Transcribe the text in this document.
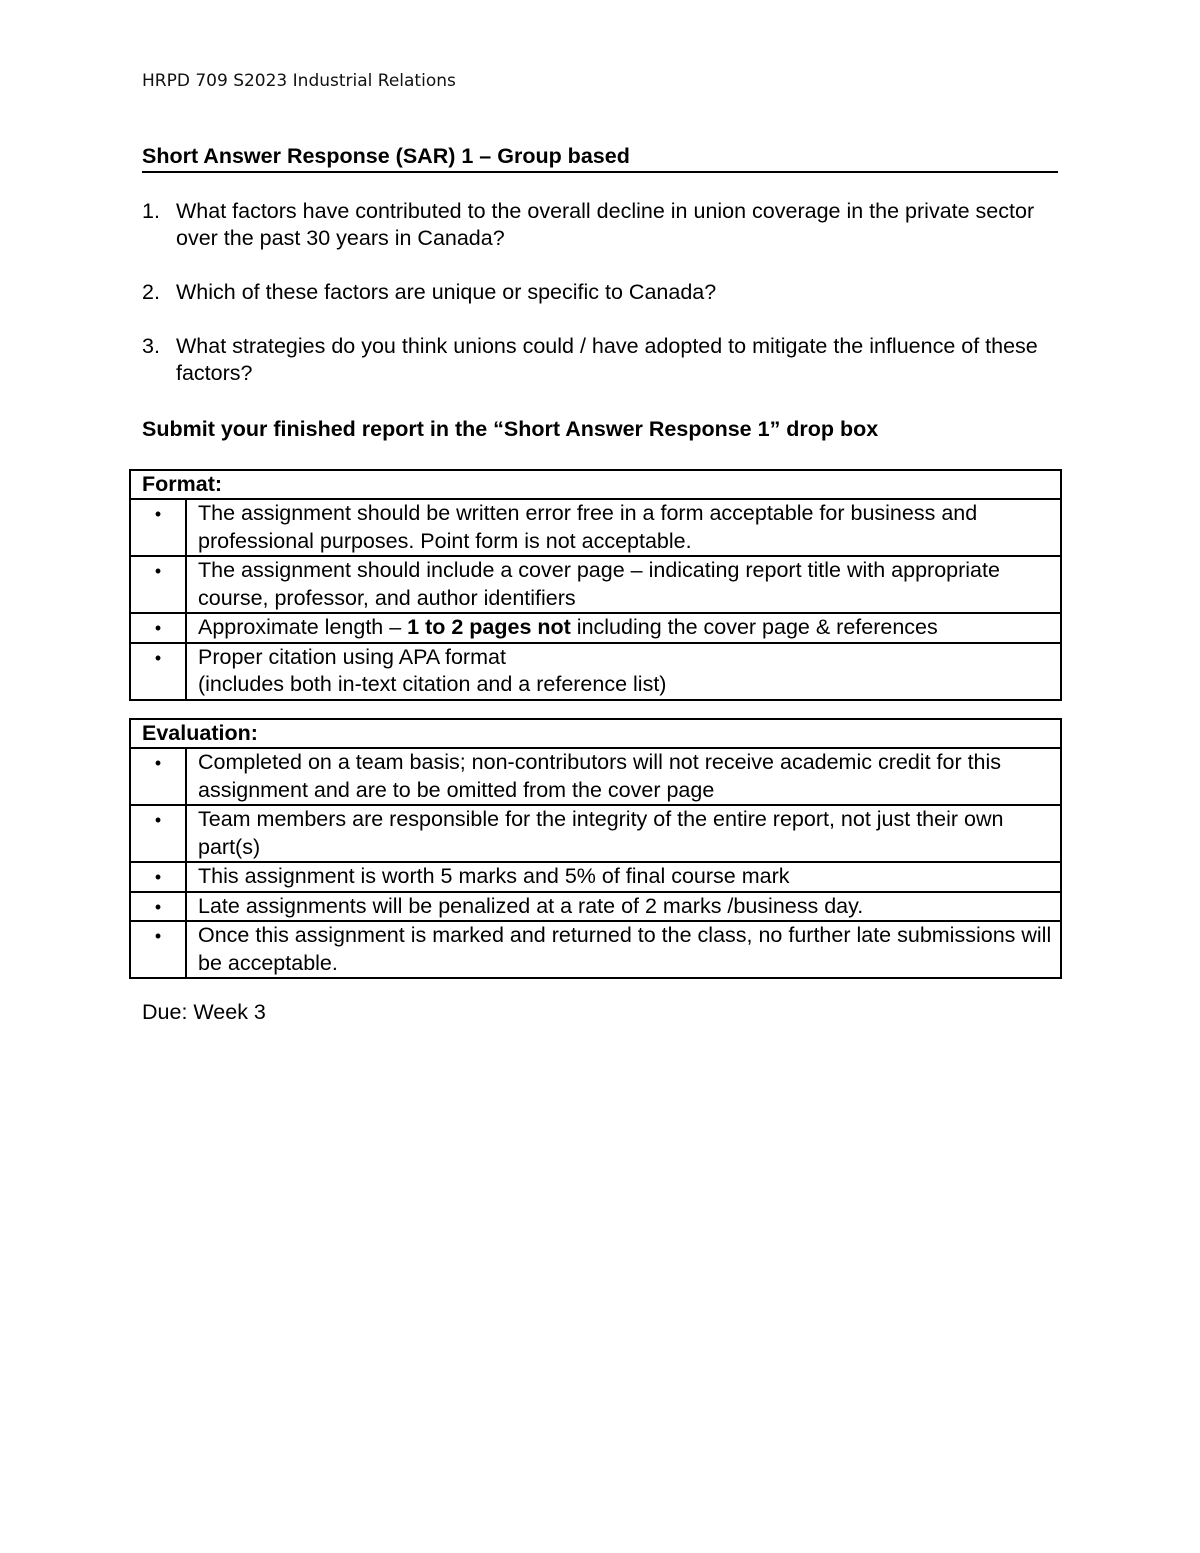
HRPD 709 S2023 Industrial Relations
Short Answer Response (SAR) 1 – Group based
1. What factors have contributed to the overall decline in union coverage in the private sector over the past 30 years in Canada?
2. Which of these factors are unique or specific to Canada?
3. What strategies do you think unions could / have adopted to mitigate the influence of these factors?
Submit your finished report in the “Short Answer Response 1” drop box
Format:	
•	The assignment should be written error free in a form acceptable for business and professional purposes. Point form is not acceptable.
•	The assignment should include a cover page – indicating report title with appropriate course, professor, and author identifiers
•	Approximate length – 1 to 2 pages not including the cover page & references
•	Proper citation using APA format
(includes both in-text citation and a reference list)
Evaluation:	
•	Completed on a team basis; non-contributors will not receive academic credit for this assignment and are to be omitted from the cover page
•	Team members are responsible for the integrity of the entire report, not just their own part(s)
•	This assignment is worth 5 marks and 5% of final course mark
•	Late assignments will be penalized at a rate of 2 marks /business day.
•	Once this assignment is marked and returned to the class, no further late submissions will be acceptable.
Due: Week 3
